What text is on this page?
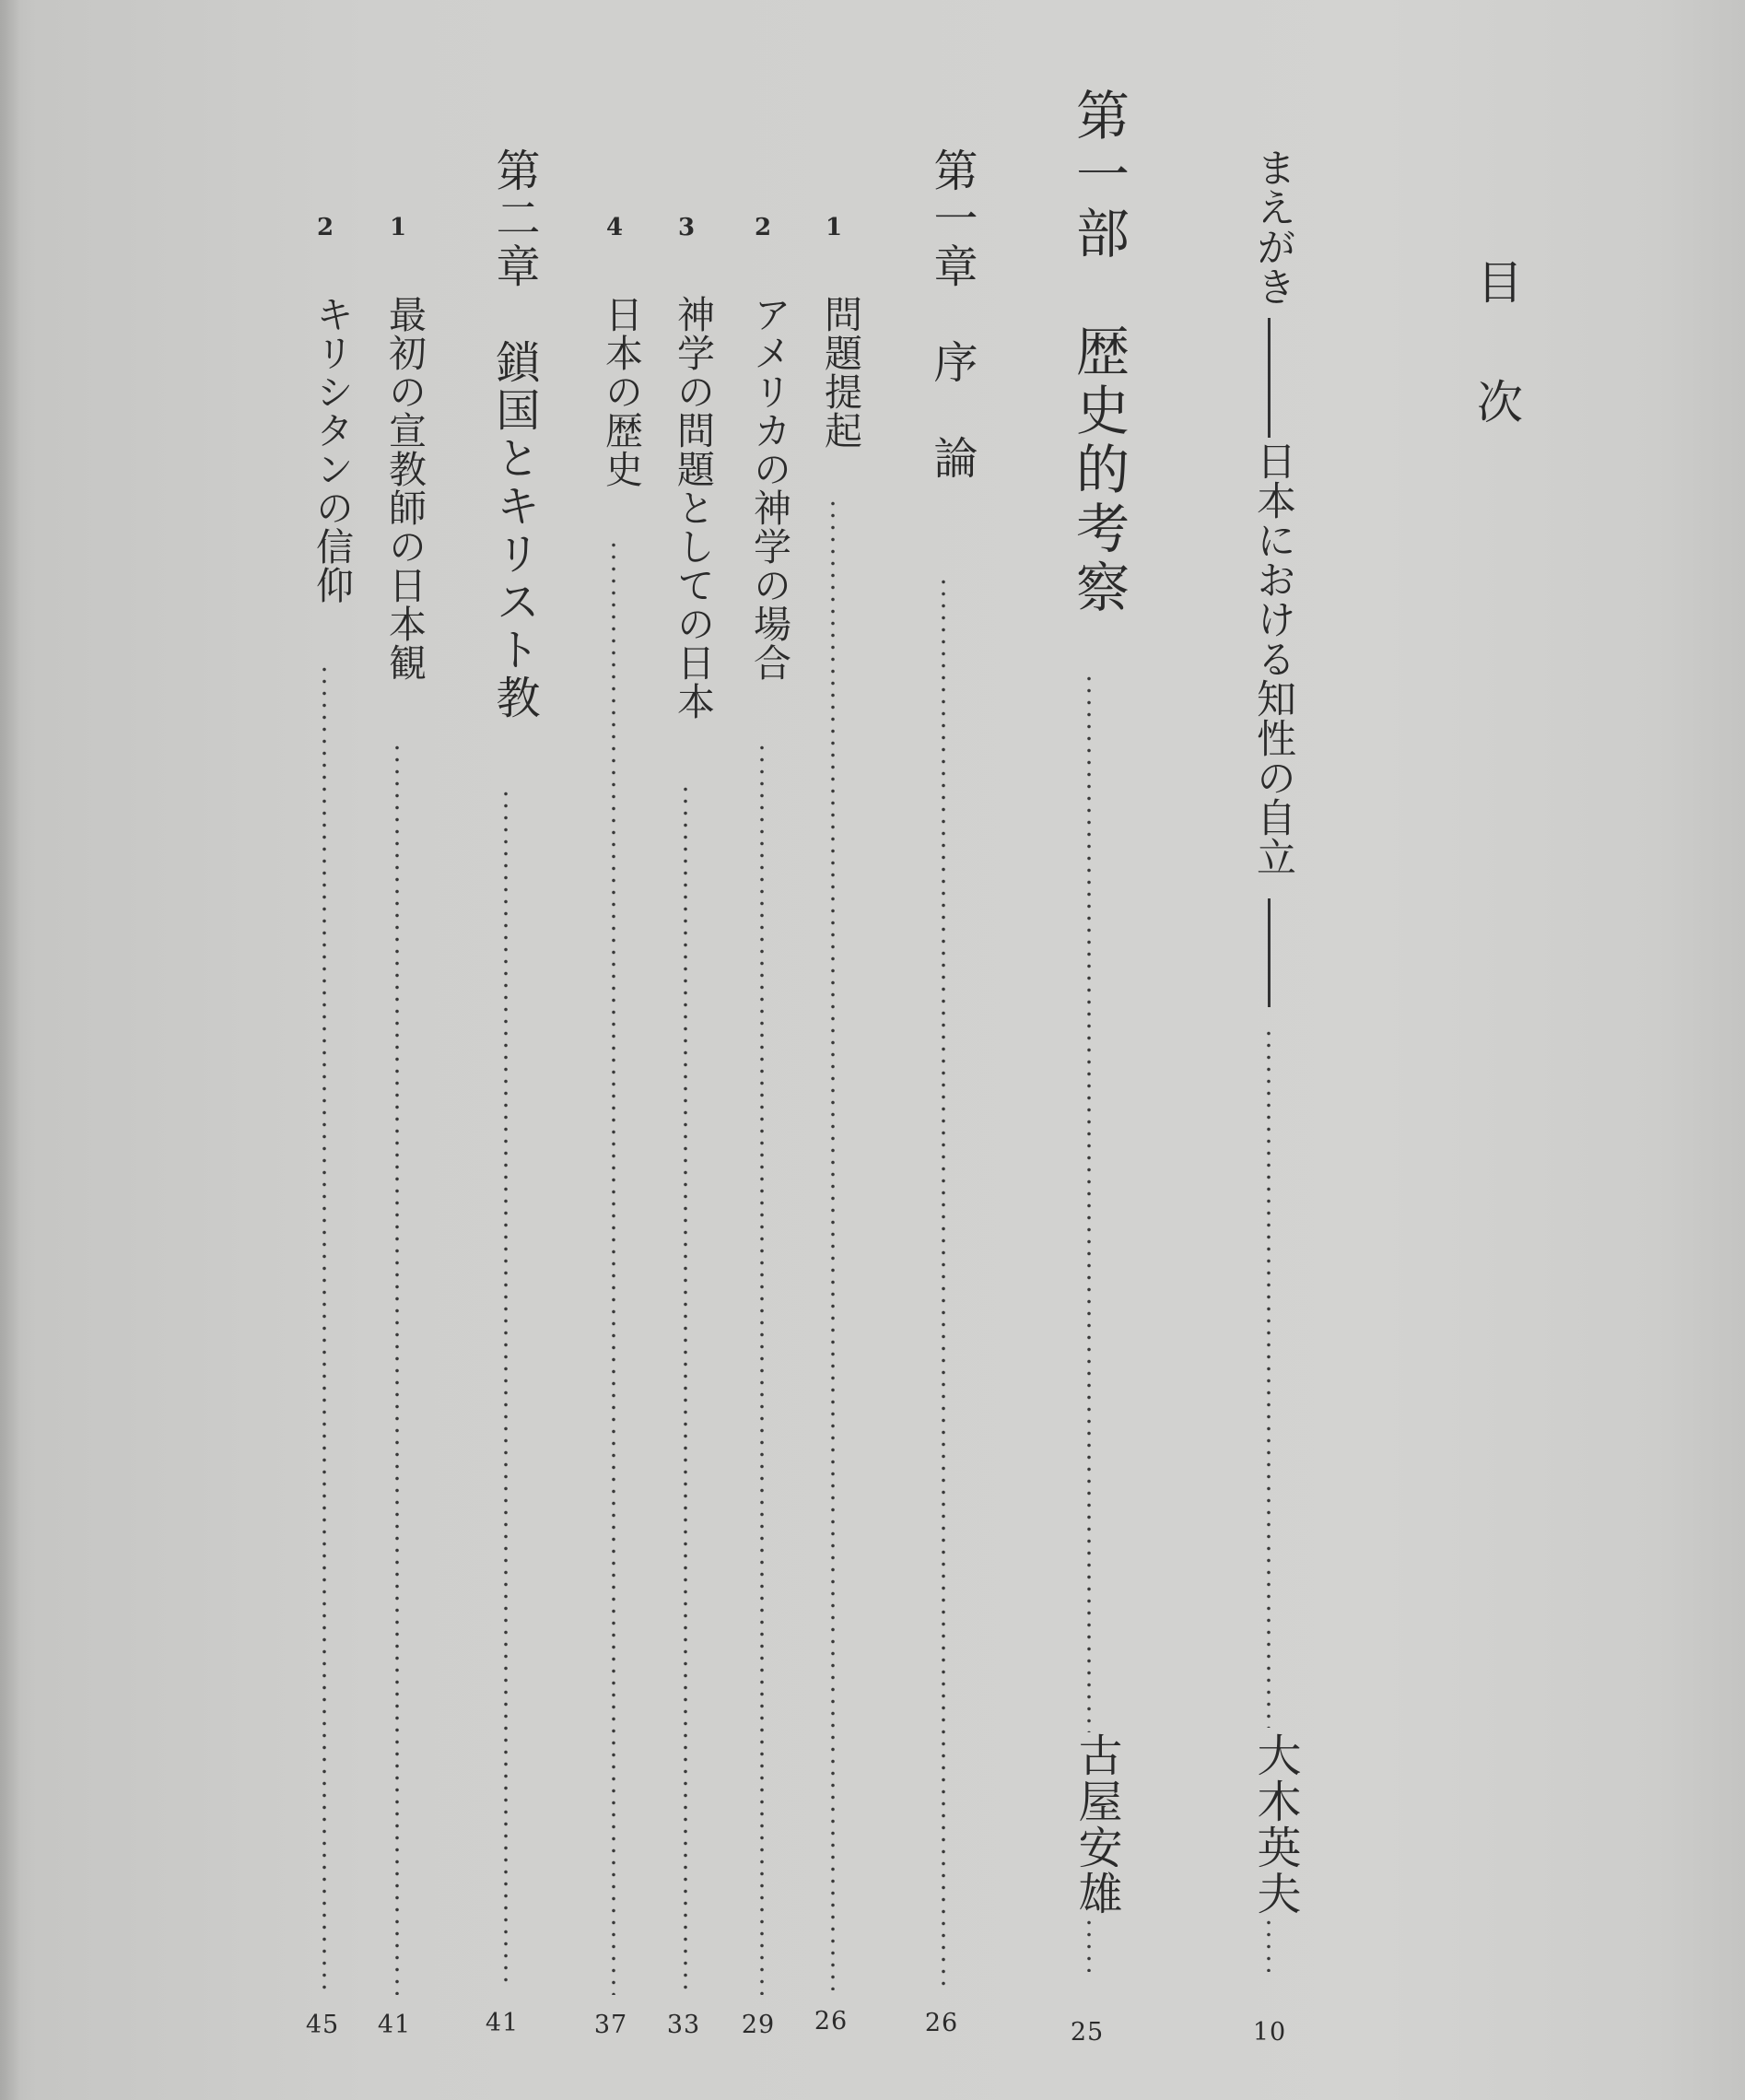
目次
まえがき
日本における知性の自立
大木英夫
10
第一部　歴史的考察
古屋安雄
25
第一章　序　論
26
1
問題提起
26
2
アメリカの神学の場合
29
3
神学の問題としての日本
33
4
日本の歴史
37
第二章　鎖国とキリスト教
41
1
最初の宣教師の日本観
41
2
キリシタンの信仰
45
